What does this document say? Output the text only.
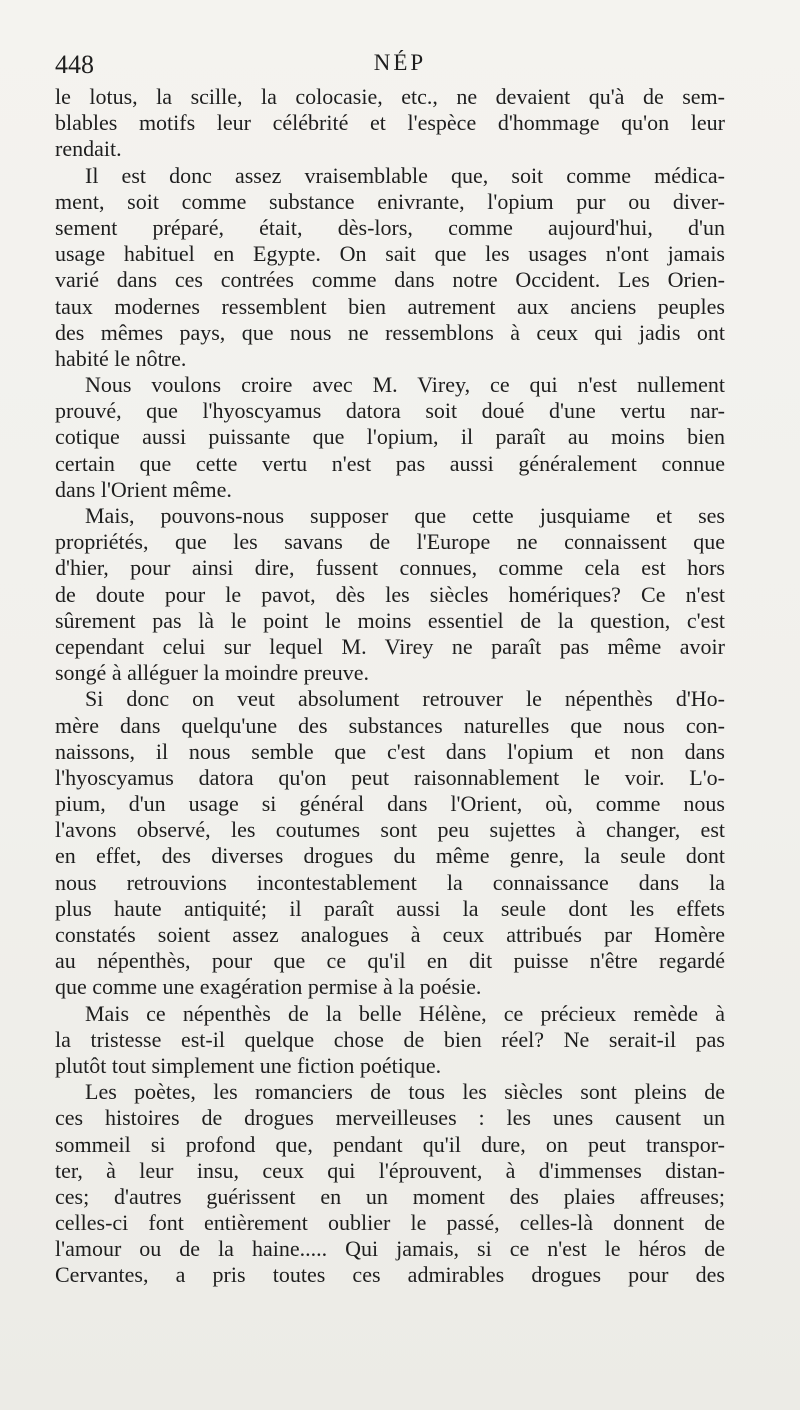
448	NÉP
le lotus, la scille, la colocasie, etc., ne devaient qu'à de sem-
blables motifs leur célébrité et l'espèce d'hommage qu'on leur
rendait.
Il est donc assez vraisemblable que, soit comme médica-
ment, soit comme substance enivrante, l'opium pur ou diver-
sement préparé, était, dès-lors, comme aujourd'hui, d'un
usage habituel en Egypte. On sait que les usages n'ont jamais
varié dans ces contrées comme dans notre Occident. Les Orien-
taux modernes ressemblent bien autrement aux anciens peuples
des mêmes pays, que nous ne ressemblons à ceux qui jadis ont
habité le nôtre.
Nous voulons croire avec M. Virey, ce qui n'est nullement
prouvé, que l'hyoscyamus datora soit doué d'une vertu nar-
cotique aussi puissante que l'opium, il paraît au moins bien
certain que cette vertu n'est pas aussi généralement connue
dans l'Orient même.
Mais, pouvons-nous supposer que cette jusquiame et ses
propriétés, que les savans de l'Europe ne connaissent que
d'hier, pour ainsi dire, fussent connues, comme cela est hors
de doute pour le pavot, dès les siècles homériques? Ce n'est
sûrement pas là le point le moins essentiel de la question, c'est
cependant celui sur lequel M. Virey ne paraît pas même avoir
songé à alléguer la moindre preuve.
Si donc on veut absolument retrouver le népenthès d'Ho-
mère dans quelqu'une des substances naturelles que nous con-
naissons, il nous semble que c'est dans l'opium et non dans
l'hyoscyamus datora qu'on peut raisonnablement le voir. L'o-
pium, d'un usage si général dans l'Orient, où, comme nous
l'avons observé, les coutumes sont peu sujettes à changer, est
en effet, des diverses drogues du même genre, la seule dont
nous retrouvions incontestablement la connaissance dans la
plus haute antiquité; il paraît aussi la seule dont les effets
constatés soient assez analogues à ceux attribués par Homère
au népenthès, pour que ce qu'il en dit puisse n'être regardé
que comme une exagération permise à la poésie.
Mais ce népenthès de la belle Hélène, ce précieux remède à
la tristesse est-il quelque chose de bien réel? Ne serait-il pas
plutôt tout simplement une fiction poétique.
Les poètes, les romanciers de tous les siècles sont pleins de
ces histoires de drogues merveilleuses : les unes causent un
sommeil si profond que, pendant qu'il dure, on peut transpor-
ter, à leur insu, ceux qui l'éprouvent, à d'immenses distan-
ces; d'autres guérissent en un moment des plaies affreuses;
celles-ci font entièrement oublier le passé, celles-là donnent de
l'amour ou de la haine..... Qui jamais, si ce n'est le héros de
Cervantes, a pris toutes ces admirables drogues pour des
